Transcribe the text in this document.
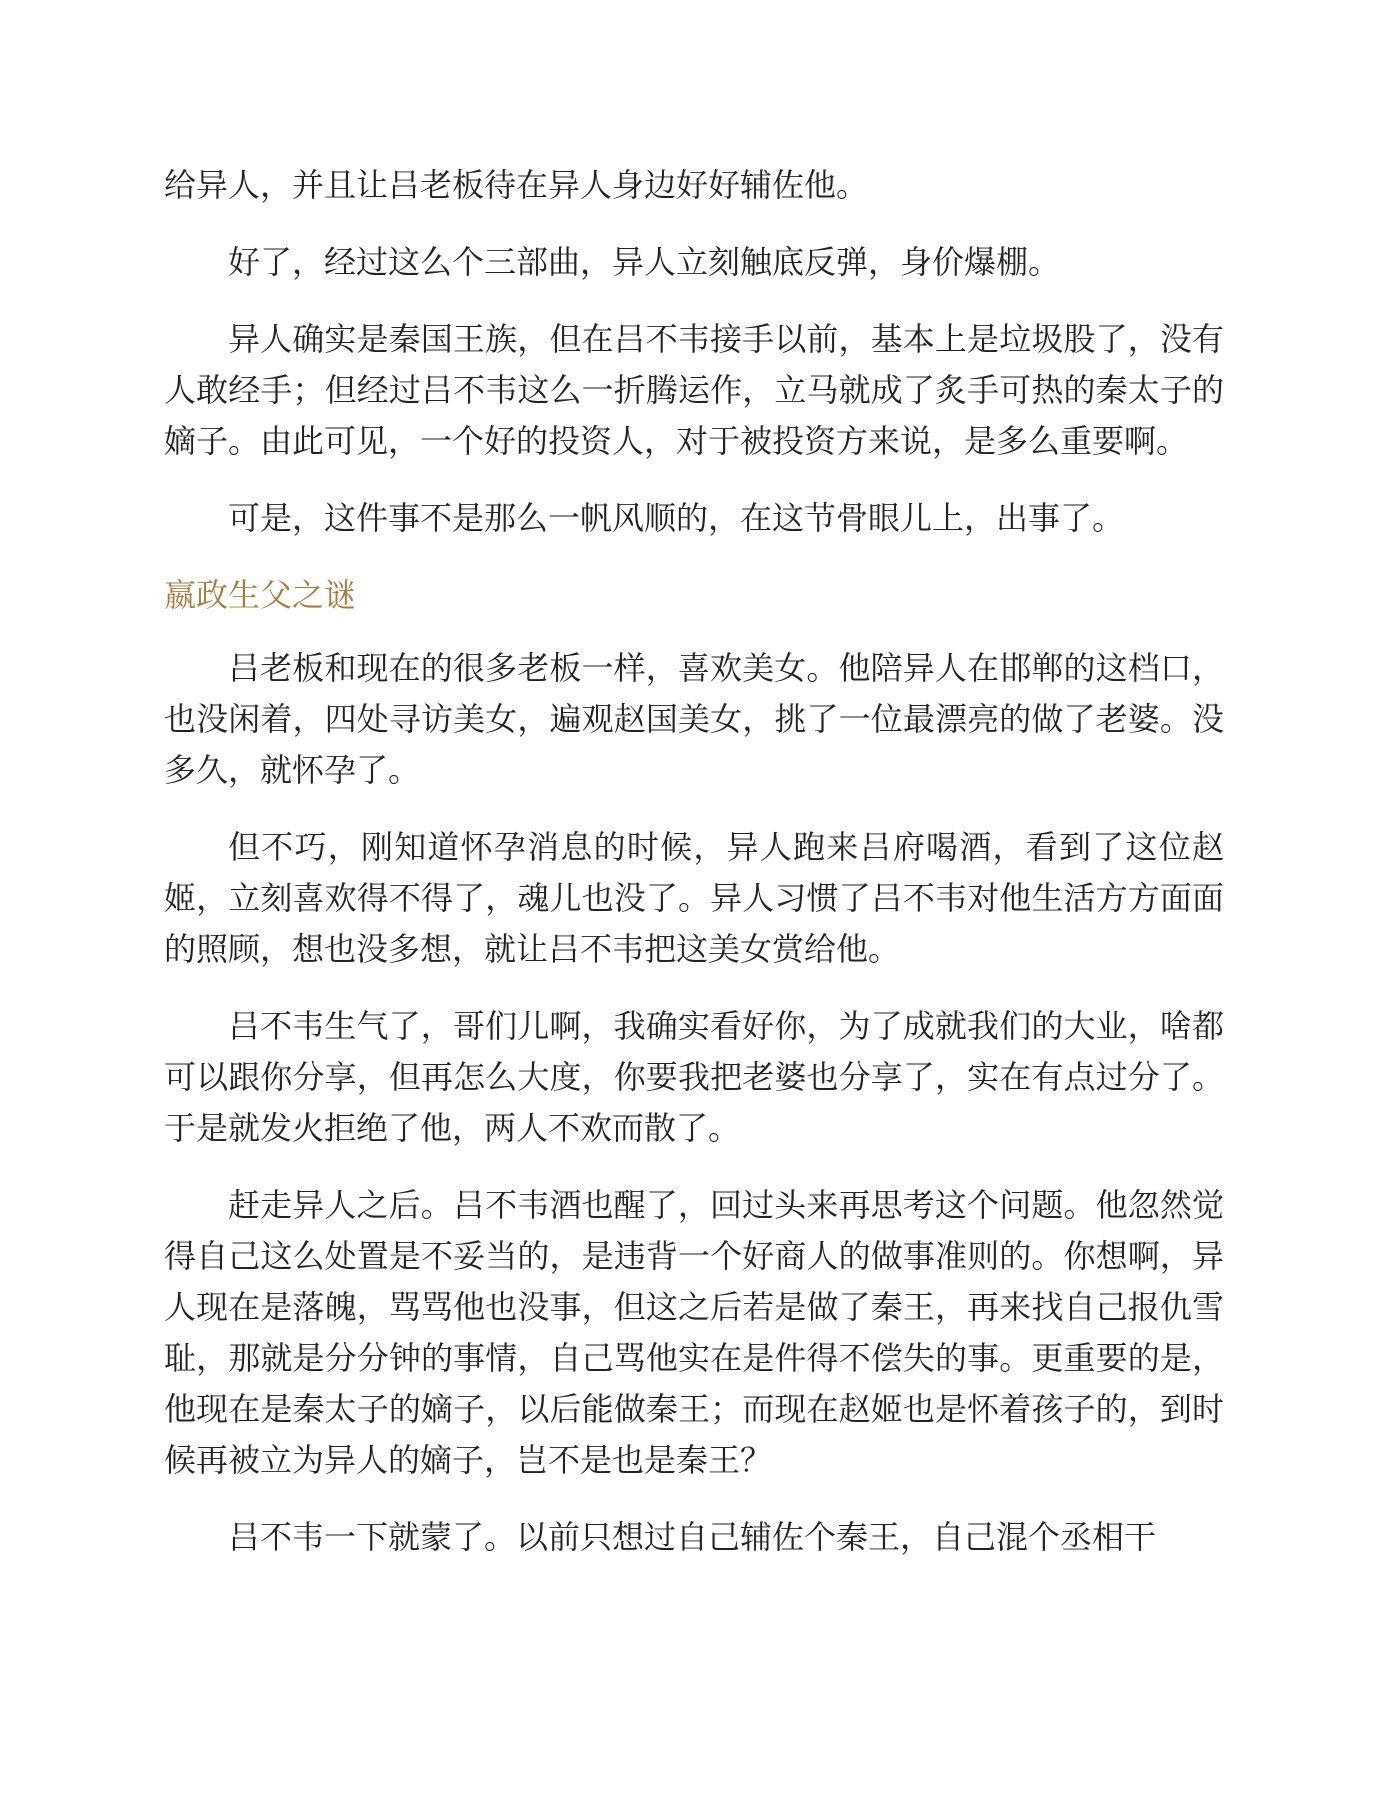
给异人，并且让吕老板待在异人身边好好辅佐他。

好了，经过这么个三部曲，异人立刻触底反弹，身价爆棚。

异人确实是秦国王族，但在吕不韦接手以前，基本上是垃圾股了，没有人敢经手；但经过吕不韦这么一折腾运作，立马就成了炙手可热的秦太子的嫡子。由此可见，一个好的投资人，对于被投资方来说，是多么重要啊。

可是，这件事不是那么一帆风顺的，在这节骨眼儿上，出事了。

嬴政生父之谜

吕老板和现在的很多老板一样，喜欢美女。他陪异人在邯郸的这档口，也没闲着，四处寻访美女，遍观赵国美女，挑了一位最漂亮的做了老婆。没多久，就怀孕了。

但不巧，刚知道怀孕消息的时候，异人跑来吕府喝酒，看到了这位赵姬，立刻喜欢得不得了，魂儿也没了。异人习惯了吕不韦对他生活方方面面的照顾，想也没多想，就让吕不韦把这美女赏给他。

吕不韦生气了，哥们儿啊，我确实看好你，为了成就我们的大业，啥都可以跟你分享，但再怎么大度，你要我把老婆也分享了，实在有点过分了。于是就发火拒绝了他，两人不欢而散了。

赶走异人之后。吕不韦酒也醒了，回过头来再思考这个问题。他忽然觉得自己这么处置是不妥当的，是违背一个好商人的做事准则的。你想啊，异人现在是落魄，骂骂他也没事，但这之后若是做了秦王，再来找自己报仇雪耻，那就是分分钟的事情，自己骂他实在是件得不偿失的事。更重要的是，他现在是秦太子的嫡子，以后能做秦王；而现在赵姬也是怀着孩子的，到时候再被立为异人的嫡子，岂不是也是秦王？

吕不韦一下就蒙了。以前只想过自己辅佐个秦王，自己混个丞相干
